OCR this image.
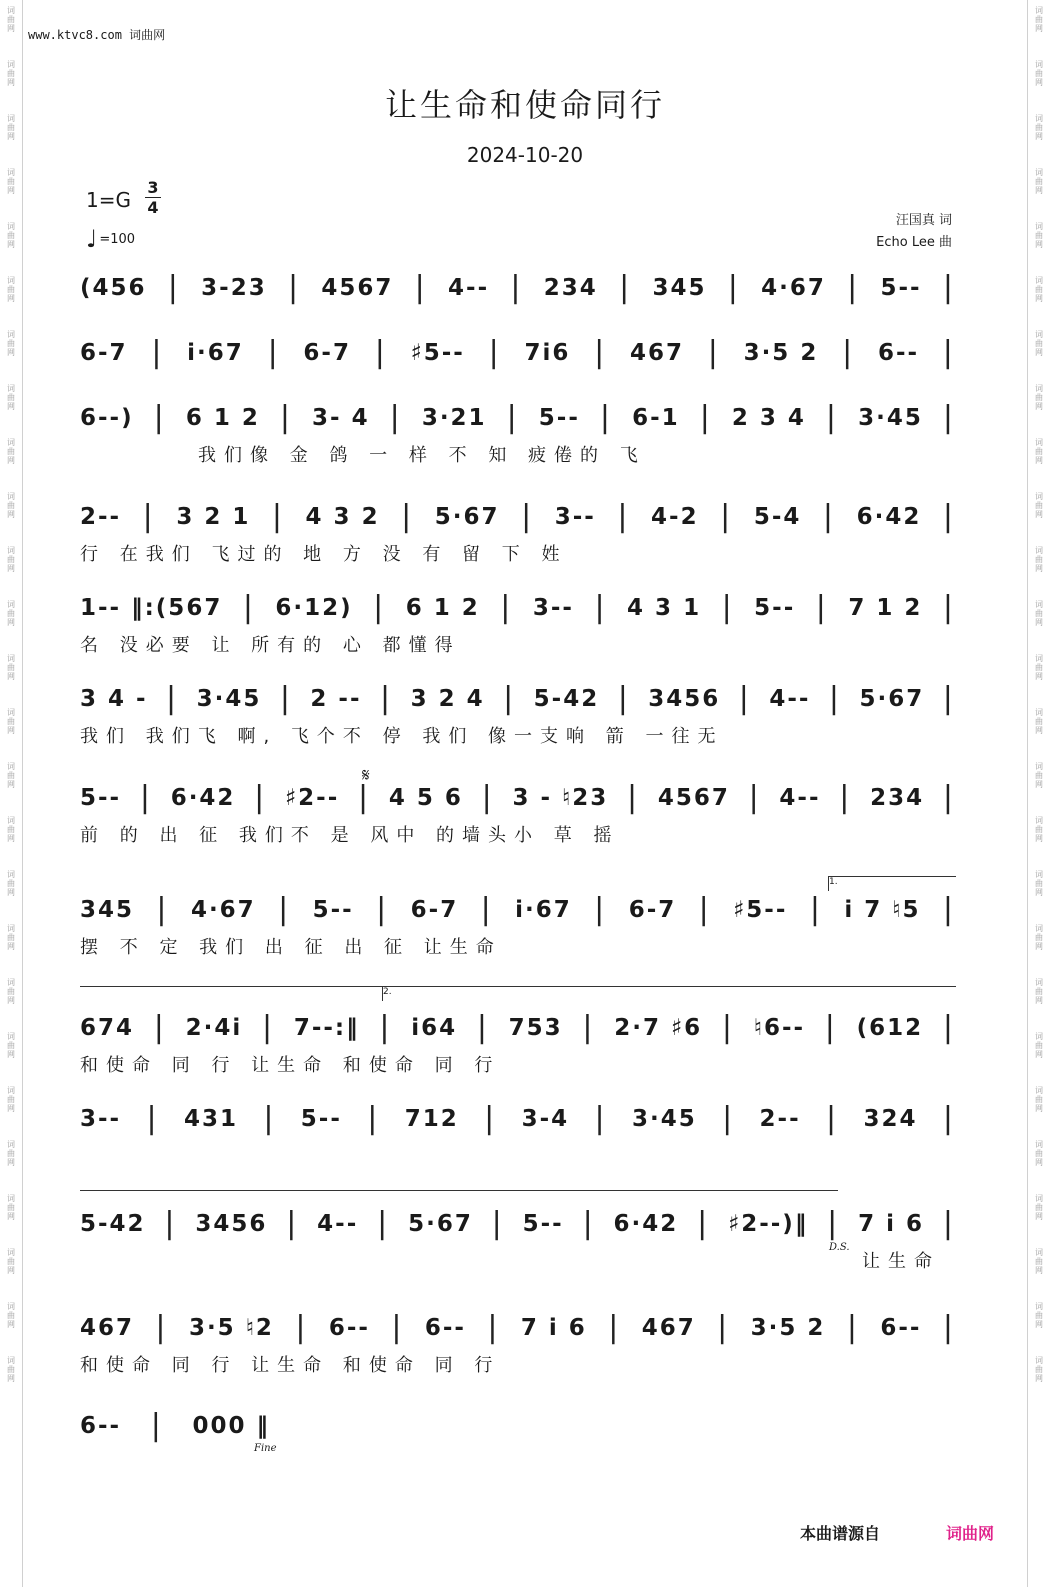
词曲网
词曲网
词曲网
词曲网
词曲网
词曲网
词曲网
词曲网
词曲网
词曲网
词曲网
词曲网
词曲网
词曲网
词曲网
词曲网
词曲网
词曲网
词曲网
词曲网
词曲网
词曲网
词曲网
词曲网
词曲网
词曲网
词曲网
词曲网
词曲网
词曲网
词曲网
词曲网
词曲网
词曲网
词曲网
词曲网
词曲网
词曲网
词曲网
词曲网
词曲网
词曲网
词曲网
词曲网
词曲网
词曲网
词曲网
词曲网
词曲网
词曲网
词曲网
词曲网
www.ktvc8.com 词曲网
让生命和使命同行
2024-10-20
1=G
3
4
♩ =100
汪国真 词
Echo Lee 曲
(456 | 3-23 | 4567 | 4-- | 234 | 345 | 4·67 | 5-- |
6-7 | i·67 | 6-7 | ♯5-- | 7i6 | 467 | 3·5 2 | 6-- |
6--) | 6 1 2 | 3- 4 | 3·21 | 5-- | 6-1 | 2 3 4 | 3·45 |
我们像 金 鸽 一 样 不 知 疲倦的 飞
2-- | 3 2 1 | 4 3 2 | 5·67 | 3-- | 4-2 | 5-4 | 6·42 |
行 在我们 飞过的 地 方 没 有 留 下 姓
1-- ‖:(567 | 6·12) | 6 1 2 | 3-- | 4 3 1 | 5-- | 7 1 2 |
名 没必要 让 所有的 心 都懂得
3 4 - | 3·45 | 2 -- | 3 2 4 | 5-42 | 3456 | 4-- | 5·67 |
我们 我们飞 啊, 飞个不 停 我们 像一支响 箭 一往无
5-- | 6·42 | ♯2-- | 4 5 6 | 3 - ♮23 | 4567 | 4-- | 234 |
前 的 出 征 我们不 是 风中 的墙头小 草 摇
345 | 4·67 | 5-- | 6-7 | i·67 | 6-7 | ♯5-- | i 7 ♮5 |
摆 不 定 我们 出 征 出 征 让生命
674 | 2·4i | 7--:‖ | i64 | 753 | 2·7 ♯6 | ♮6-- | (612 |
和使命 同 行 让生命 和使命 同 行
3-- | 431 | 5-- | 712 | 3-4 | 3·45 | 2-- | 324 |
5-42 | 3456 | 4-- | 5·67 | 5-- | 6·42 | ♯2--)‖ | 7 i 6 |
让生命
467 | 3·5 ♮2 | 6-- | 6-- | 7 i 6 | 467 | 3·5 2 | 6-- |
和使命 同 行 让生命 和使命 同 行
6-- | 000 ‖
𝄋
1.
2.
D.S.
Fine
本曲谱源自	词曲网
